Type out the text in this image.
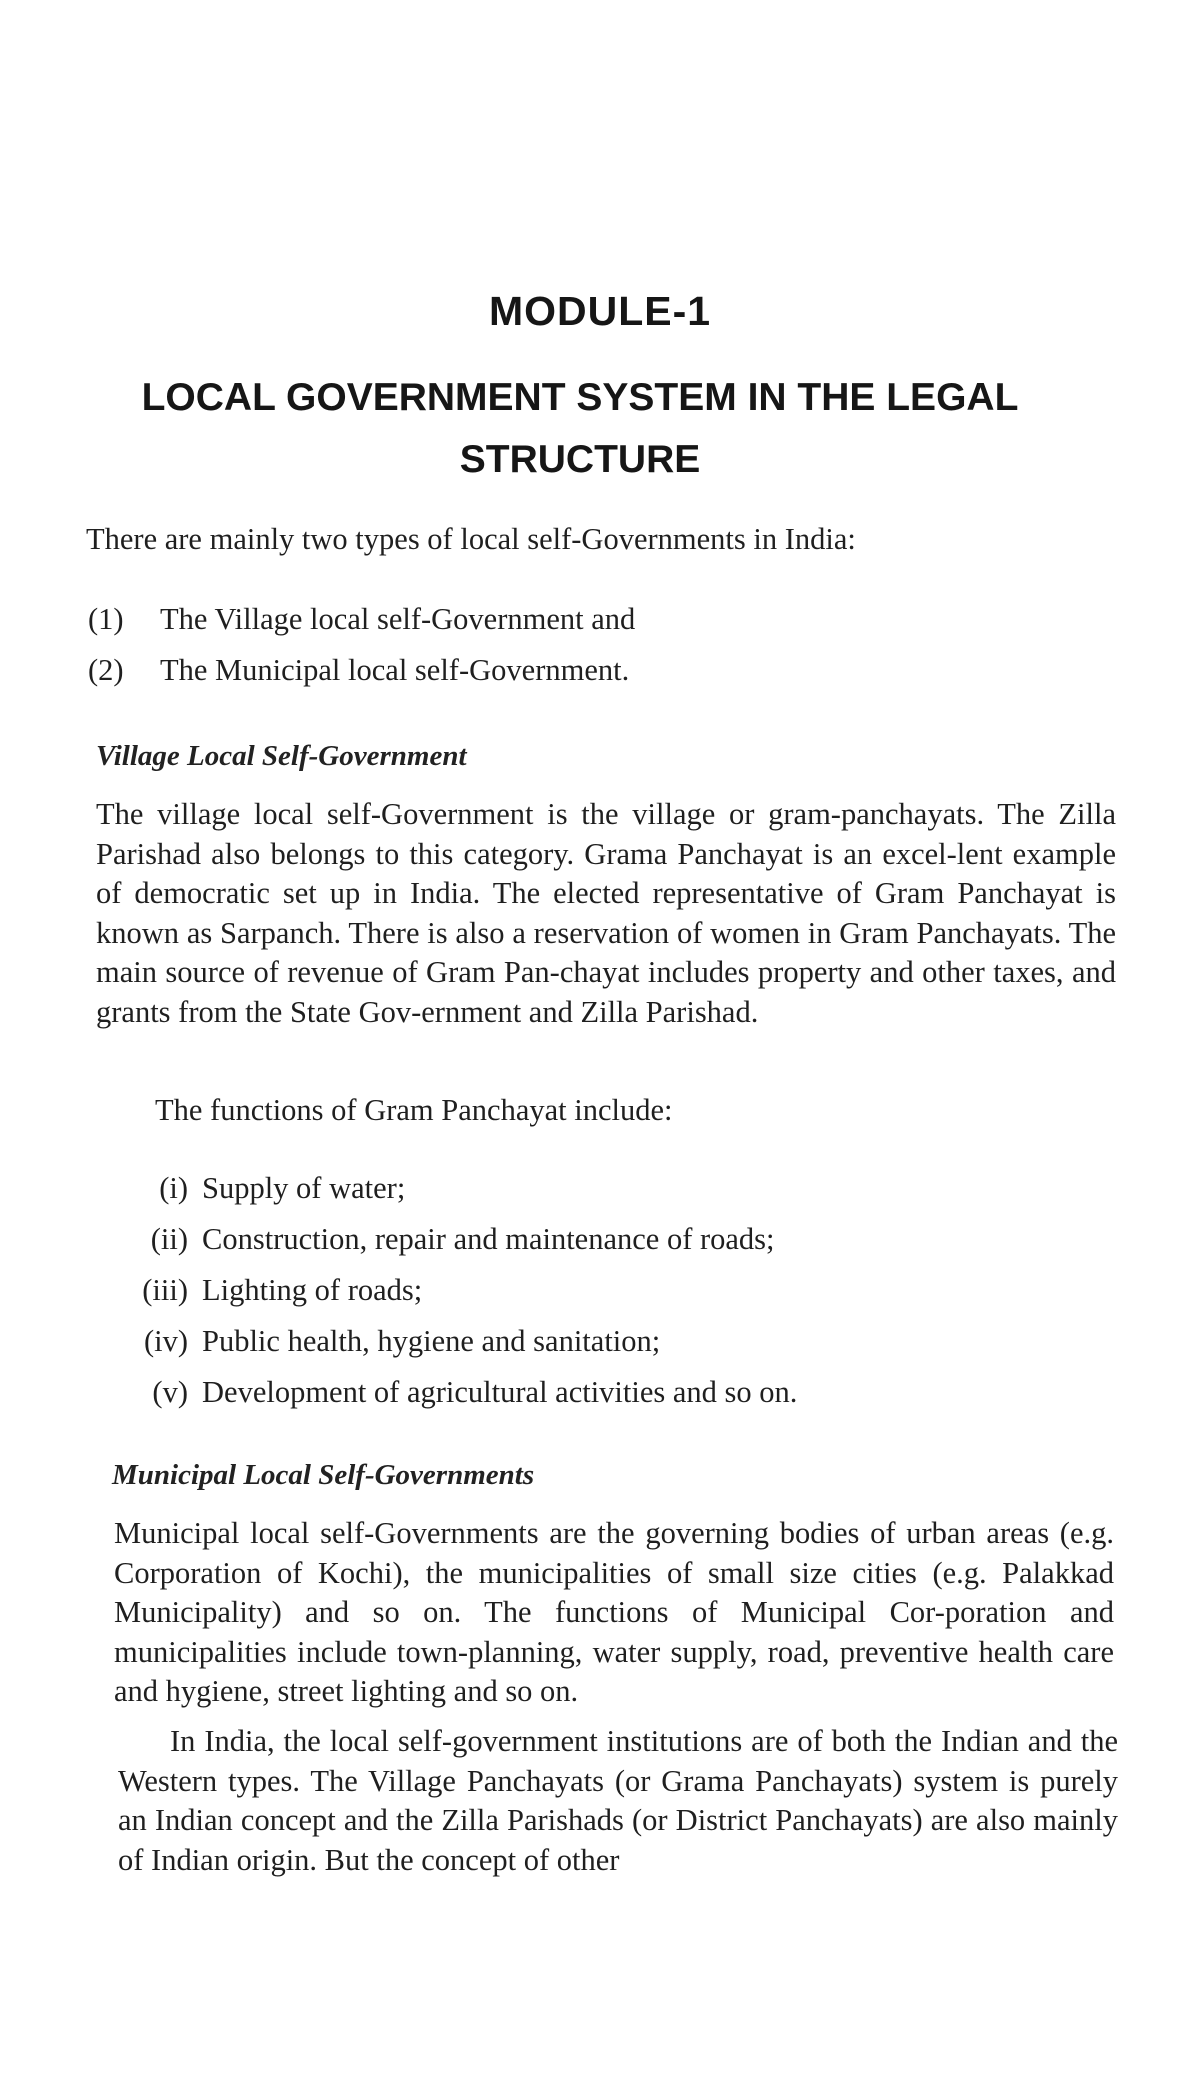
MODULE-1
LOCAL GOVERNMENT SYSTEM IN THE LEGAL STRUCTURE

There are mainly two types of local self-Governments in India:

(1) The Village local self-Government and
(2) The Municipal local self-Government.
Village Local Self-Government

The village local self-Government is the village or gram-panchayats. The Zilla Parishad also belongs to this category. Grama Panchayat is an excel-lent example of democratic set up in India. The elected representative of Gram Panchayat is known as Sarpanch. There is also a reservation of women in Gram Panchayats. The main source of revenue of Gram Pan-chayat includes property and other taxes, and grants from the State Gov-ernment and Zilla Parishad.

The functions of Gram Panchayat include:

(i) Supply of water;
(ii) Construction, repair and maintenance of roads;
(iii) Lighting of roads;
(iv) Public health, hygiene and sanitation;
(v) Development of agricultural activities and so on.
Municipal Local Self-Governments

Municipal local self-Governments are the governing bodies of urban areas (e.g. Corporation of Kochi), the municipalities of small size cities (e.g. Palakkad Municipality) and so on. The functions of Municipal Cor-poration and municipalities include town-planning, water supply, road, preventive health care and hygiene, street lighting and so on.

In India, the local self-government institutions are of both the Indian and the Western types. The Village Panchayats (or Grama Panchayats) system is purely an Indian concept and the Zilla Parishads (or District Panchayats) are also mainly of Indian origin. But the concept of other
